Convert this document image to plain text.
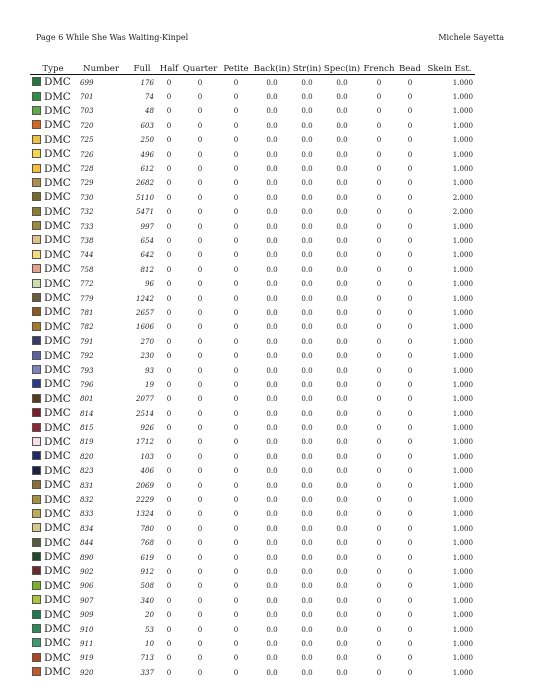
Page 6 While She Was Waiting-Kinpel	Michele Sayetta
Type	Number	Full	Half	Quarter	Petite	Back(in)	Str(in)	Spec(in)	French	Bead	Skein Est.
DMC	699	176	0	0	0	0.0	0.0	0.0	0	0	1.000
DMC	701	74	0	0	0	0.0	0.0	0.0	0	0	1.000
DMC	703	48	0	0	0	0.0	0.0	0.0	0	0	1.000
DMC	720	603	0	0	0	0.0	0.0	0.0	0	0	1.000
DMC	725	250	0	0	0	0.0	0.0	0.0	0	0	1.000
DMC	726	496	0	0	0	0.0	0.0	0.0	0	0	1.000
DMC	728	612	0	0	0	0.0	0.0	0.0	0	0	1.000
DMC	729	2682	0	0	0	0.0	0.0	0.0	0	0	1.000
DMC	730	5110	0	0	0	0.0	0.0	0.0	0	0	2.000
DMC	732	5471	0	0	0	0.0	0.0	0.0	0	0	2.000
DMC	733	997	0	0	0	0.0	0.0	0.0	0	0	1.000
DMC	738	654	0	0	0	0.0	0.0	0.0	0	0	1.000
DMC	744	642	0	0	0	0.0	0.0	0.0	0	0	1.000
DMC	758	812	0	0	0	0.0	0.0	0.0	0	0	1.000
DMC	772	96	0	0	0	0.0	0.0	0.0	0	0	1.000
DMC	779	1242	0	0	0	0.0	0.0	0.0	0	0	1.000
DMC	781	2657	0	0	0	0.0	0.0	0.0	0	0	1.000
DMC	782	1606	0	0	0	0.0	0.0	0.0	0	0	1.000
DMC	791	270	0	0	0	0.0	0.0	0.0	0	0	1.000
DMC	792	230	0	0	0	0.0	0.0	0.0	0	0	1.000
DMC	793	93	0	0	0	0.0	0.0	0.0	0	0	1.000
DMC	796	19	0	0	0	0.0	0.0	0.0	0	0	1.000
DMC	801	2077	0	0	0	0.0	0.0	0.0	0	0	1.000
DMC	814	2514	0	0	0	0.0	0.0	0.0	0	0	1.000
DMC	815	926	0	0	0	0.0	0.0	0.0	0	0	1.000
DMC	819	1712	0	0	0	0.0	0.0	0.0	0	0	1.000
DMC	820	103	0	0	0	0.0	0.0	0.0	0	0	1.000
DMC	823	406	0	0	0	0.0	0.0	0.0	0	0	1.000
DMC	831	2069	0	0	0	0.0	0.0	0.0	0	0	1.000
DMC	832	2229	0	0	0	0.0	0.0	0.0	0	0	1.000
DMC	833	1324	0	0	0	0.0	0.0	0.0	0	0	1.000
DMC	834	780	0	0	0	0.0	0.0	0.0	0	0	1.000
DMC	844	768	0	0	0	0.0	0.0	0.0	0	0	1.000
DMC	890	619	0	0	0	0.0	0.0	0.0	0	0	1.000
DMC	902	912	0	0	0	0.0	0.0	0.0	0	0	1.000
DMC	906	508	0	0	0	0.0	0.0	0.0	0	0	1.000
DMC	907	340	0	0	0	0.0	0.0	0.0	0	0	1.000
DMC	909	20	0	0	0	0.0	0.0	0.0	0	0	1.000
DMC	910	53	0	0	0	0.0	0.0	0.0	0	0	1.000
DMC	911	10	0	0	0	0.0	0.0	0.0	0	0	1.000
DMC	919	713	0	0	0	0.0	0.0	0.0	0	0	1.000
DMC	920	337	0	0	0	0.0	0.0	0.0	0	0	1.000
